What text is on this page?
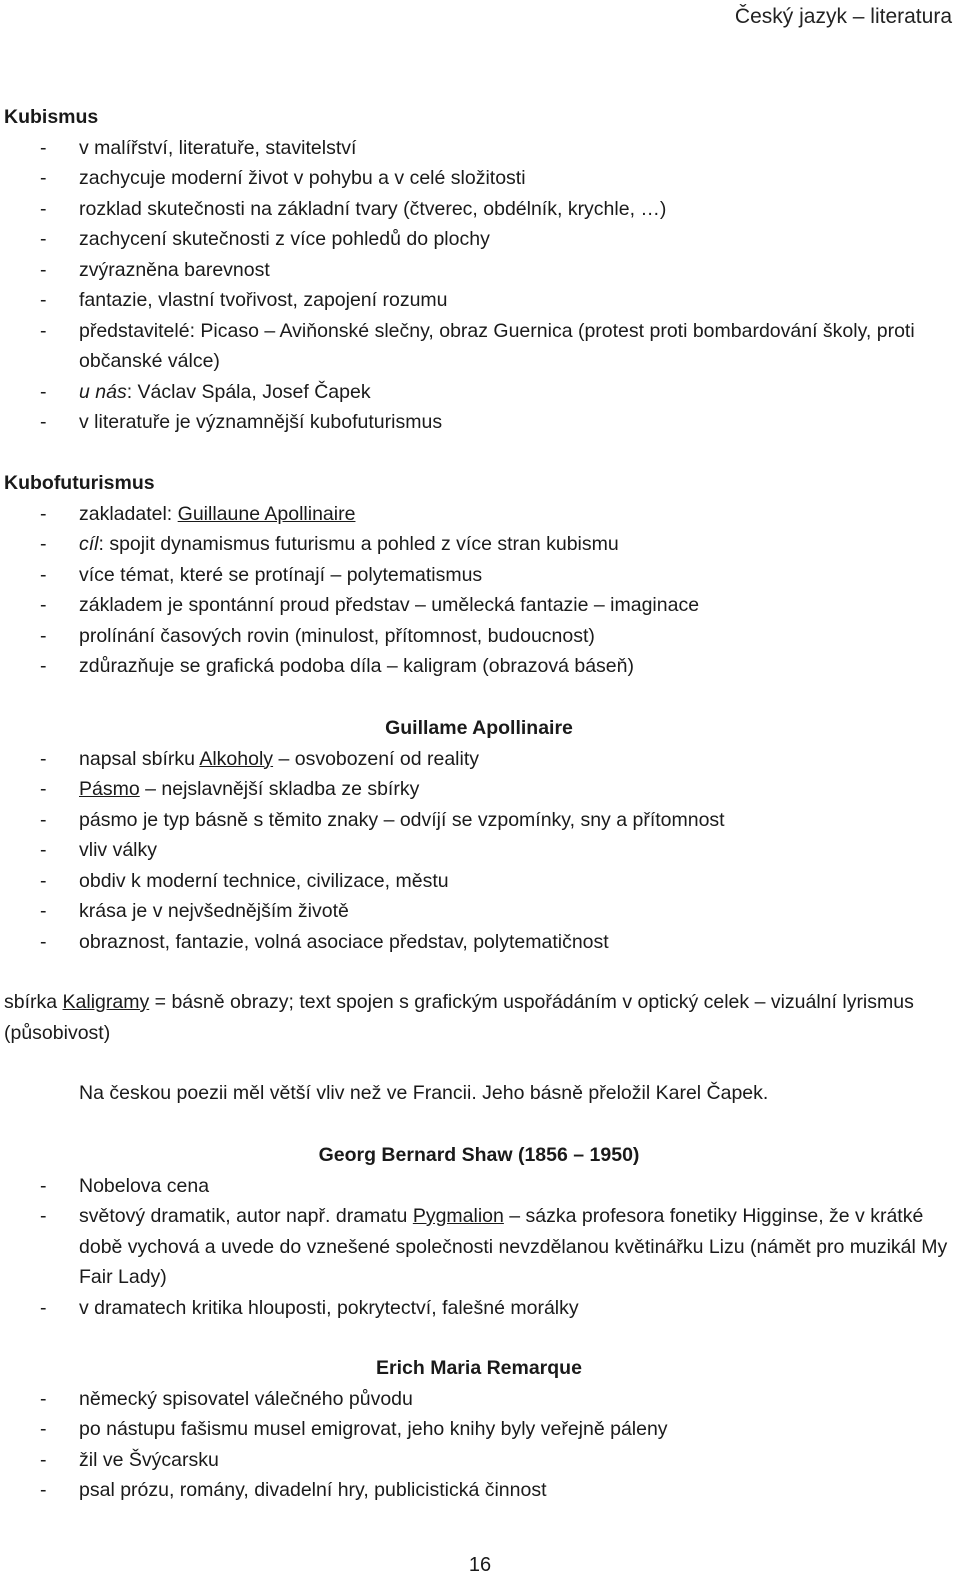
Český jazyk – literatura

Kubismus

- v malířství, literatuře, stavitelství
- zachycuje moderní život v pohybu a v celé složitosti
- rozklad skutečnosti na základní tvary (čtverec, obdélník, krychle, …)
- zachycení skutečnosti z více pohledů do plochy
- zvýrazněna barevnost
- fantazie, vlastní tvořivost, zapojení rozumu
- představitelé: Picaso – Aviňonské slečny, obraz Guernica (protest proti bombardování školy, proti občanské válce)
- u nás: Václav Spála, Josef Čapek
- v literatuře je významnější kubofuturismus

Kubofuturismus

- zakladatel: Guillaune Apollinaire
- cíl: spojit dynamismus futurismu a pohled z více stran kubismu
- více témat, které se protínají – polytematismus
- základem je spontánní proud představ – umělecká fantazie – imaginace
- prolínání časových rovin (minulost, přítomnost, budoucnost)
- zdůrazňuje se grafická podoba díla – kaligram (obrazová báseň)

Guillame Apollinaire

- napsal sbírku Alkoholy – osvobození od reality
- Pásmo – nejslavnější skladba ze sbírky
- pásmo je typ básně s těmito znaky – odvíjí se vzpomínky, sny a přítomnost
- vliv války
- obdiv k moderní technice, civilizace, městu
- krása je v nejvšednějším životě
- obraznost, fantazie, volná asociace představ, polytematičnost

sbírka Kaligramy = básně obrazy; text spojen s grafickým uspořádáním v optický celek – vizuální lyrismus (působivost)

Na českou poezii měl větší vliv než ve Francii. Jeho básně přeložil Karel Čapek.

Georg Bernard Shaw (1856 – 1950)

- Nobelova cena
- světový dramatik, autor např. dramatu Pygmalion – sázka profesora fonetiky Higginse, že v krátké době vychová a uvede do vznešené společnosti nevzdělanou květinářku Lizu (námět pro muzikál My Fair Lady)
- v dramatech kritika hlouposti, pokrytectví, falešné morálky

Erich Maria Remarque

- německý spisovatel válečného původu
- po nástupu fašismu musel emigrovat, jeho knihy byly veřejně páleny
- žil ve Švýcarsku
- psal prózu, romány, divadelní hry, publicistická činnost
16
